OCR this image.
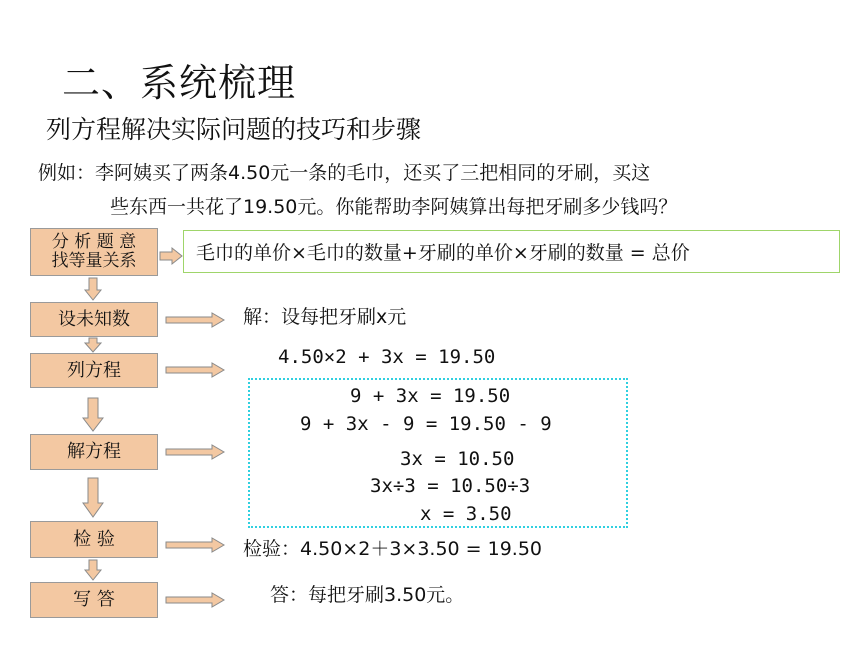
二、系统梳理
列方程解决实际问题的技巧和步骤
例如：李阿姨买了两条4.50元一条的毛巾，还买了三把相同的牙刷，买这
些东西一共花了19.50元。你能帮助李阿姨算出每把牙刷多少钱吗？
分 析 题 意
找等量关系
设未知数
列方程
解方程
检 验
写 答
毛巾的单价×毛巾的数量+牙刷的单价×牙刷的数量 = 总价
解：设每把牙刷x元
4.50×2 + 3x = 19.50
9 + 3x = 19.50
9 + 3x - 9 = 19.50 - 9
3x = 10.50
3x÷3 = 10.50÷3
x = 3.50
检验：4.50×2＋3×3.50 = 19.50
答：每把牙刷3.50元。
